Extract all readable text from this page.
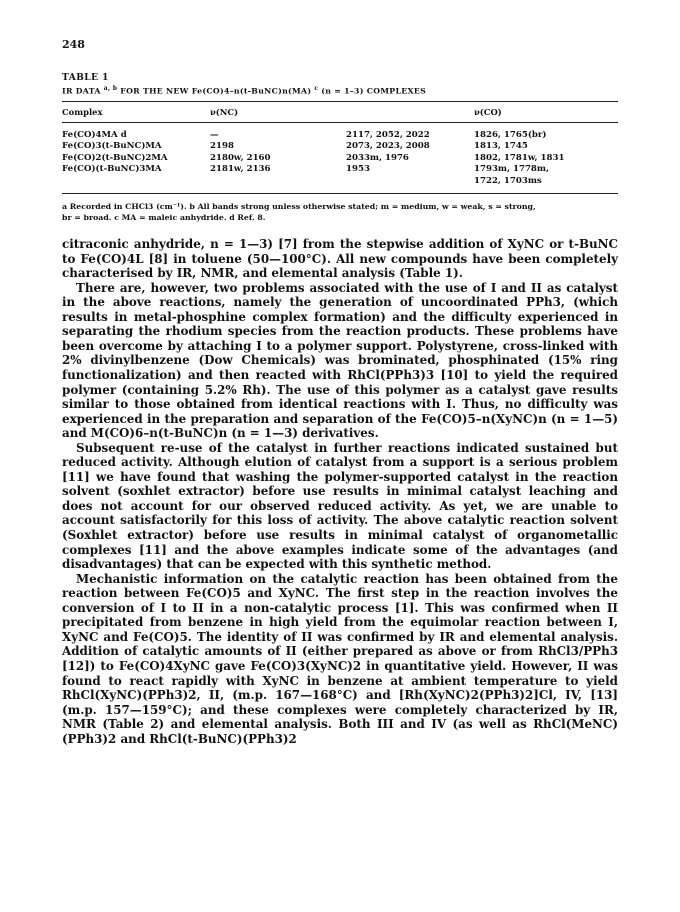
248
TABLE 1
IR DATA $^{a, b}$ FOR THE NEW Fe(CO)4–n(t-BuNC)n(MA) $^c$ (n = 1–3) COMPLEXES
Complex	ν(NC)		ν(CO)
Fe(CO)4MA d	—	2117, 2052, 2022	1826, 1765(br)
Fe(CO)3(t-BuNC)MA	2198	2073, 2023, 2008	1813, 1745
Fe(CO)2(t-BuNC)2MA	2180w, 2160	2033m, 1976	1802, 1781w, 1831
Fe(CO)(t-BuNC)3MA	2181w, 2136	1953	1793m, 1778m,
			1722, 1703ms

a Recorded in CHCl3 (cm⁻¹). b All bands strong unless otherwise stated; m = medium, w = weak, s = strong,
br = broad. c MA = maleic anhydride. d Ref. 8.

citraconic anhydride, n = 1—3) [7] from the stepwise addition of XyNC or t-BuNC to Fe(CO)4L [8] in toluene (50—100°C). All new compounds have been completely characterised by IR, NMR, and elemental analysis (Table 1).

There are, however, two problems associated with the use of I and II as catalyst in the above reactions, namely the generation of uncoordinated PPh3, (which results in metal-phosphine complex formation) and the difficulty experienced in separating the rhodium species from the reaction products. These problems have been overcome by attaching I to a polymer support. Polystyrene, cross-linked with 2% divinylbenzene (Dow Chemicals) was brominated, phosphinated (15% ring functionalization) and then reacted with RhCl(PPh3)3 [10] to yield the required polymer (containing 5.2% Rh). The use of this polymer as a catalyst gave results similar to those obtained from identical reactions with I. Thus, no difficulty was experienced in the preparation and separation of the Fe(CO)5–n(XyNC)n (n = 1—5) and M(CO)6–n(t-BuNC)n (n = 1—3) derivatives.

Subsequent re-use of the catalyst in further reactions indicated sustained but reduced activity. Although elution of catalyst from a support is a serious problem [11] we have found that washing the polymer-supported catalyst in the reaction solvent (soxhlet extractor) before use results in minimal catalyst leaching and does not account for our observed reduced activity. As yet, we are unable to account satisfactorily for this loss of activity. The above catalytic reaction solvent (Soxhlet extractor) before use results in minimal catalyst of organometallic complexes [11] and the above examples indicate some of the advantages (and disadvantages) that can be expected with this synthetic method.

Mechanistic information on the catalytic reaction has been obtained from the reaction between Fe(CO)5 and XyNC. The first step in the reaction involves the conversion of I to II in a non-catalytic process [1]. This was confirmed when II precipitated from benzene in high yield from the equimolar reaction between I, XyNC and Fe(CO)5. The identity of II was confirmed by IR and elemental analysis. Addition of catalytic amounts of II (either prepared as above or from RhCl3/PPh3 [12]) to Fe(CO)4XyNC gave Fe(CO)3(XyNC)2 in quantitative yield. However, II was found to react rapidly with XyNC in benzene at ambient temperature to yield RhCl(XyNC)(PPh3)2, II, (m.p. 167—168°C) and [Rh(XyNC)2(PPh3)2]Cl, IV, [13] (m.p. 157—159°C); and these complexes were completely characterized by IR, NMR (Table 2) and elemental analysis. Both III and IV (as well as RhCl(MeNC)(PPh3)2 and RhCl(t-BuNC)(PPh3)2
